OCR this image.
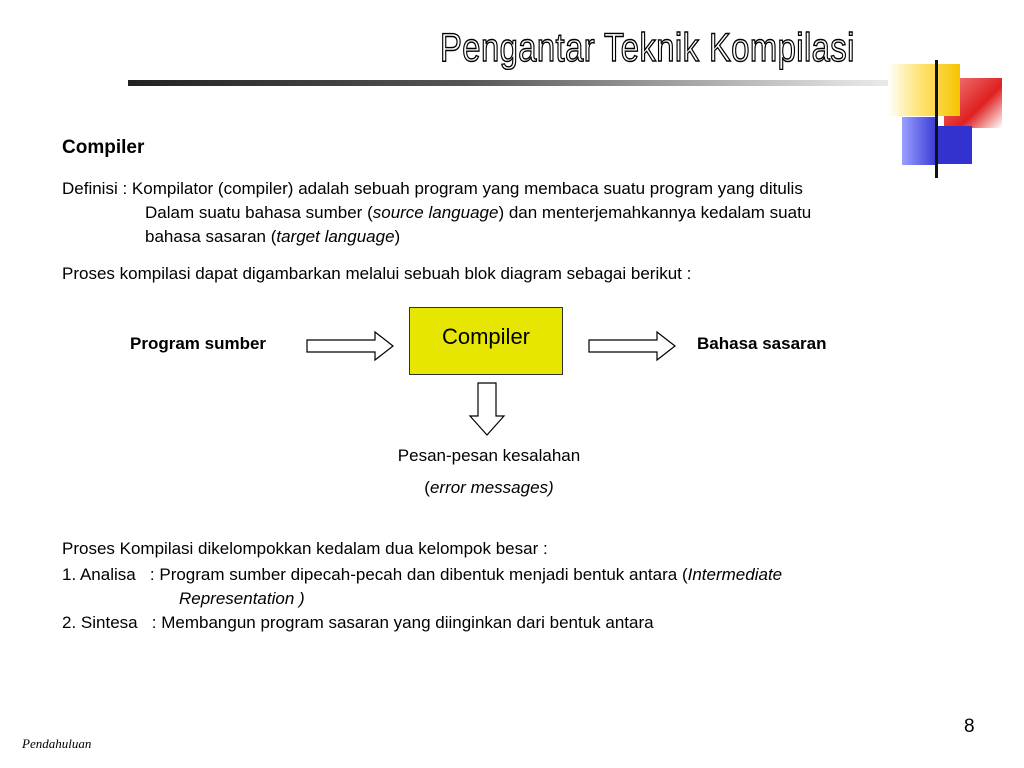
Pengantar Teknik Kompilasi
Compiler
Definisi : Kompilator (compiler) adalah sebuah program yang membaca suatu program yang ditulis
Dalam suatu bahasa sumber (source language) dan menterjemahkannya kedalam suatu
bahasa sasaran (target language)
Proses kompilasi dapat digambarkan melalui sebuah blok diagram sebagai berikut :
Program sumber	Compiler	Bahasa sasaran
Pesan-pesan kesalahan
(error messages)
Proses Kompilasi dikelompokkan kedalam dua kelompok besar :
1. Analisa : Program sumber dipecah-pecah dan dibentuk menjadi bentuk antara (Intermediate
Representation )
2. Sintesa : Membangun program sasaran yang diinginkan dari bentuk antara
8
Pendahuluan
